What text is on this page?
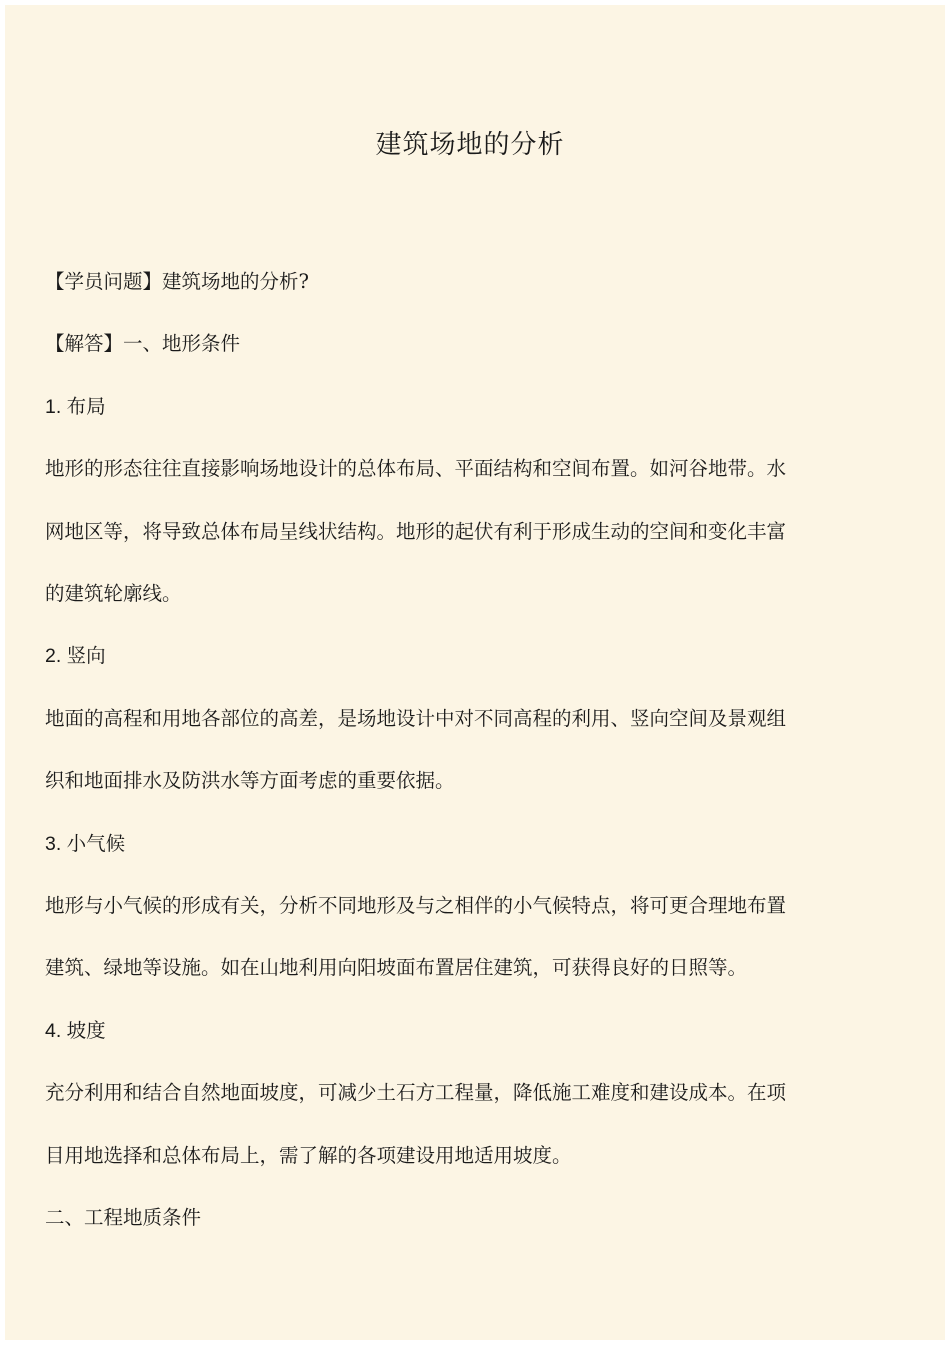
建筑场地的分析
【学员问题】建筑场地的分析?
【解答】一、地形条件
1. 布局
地形的形态往往直接影响场地设计的总体布局、平面结构和空间布置。如河谷地带。水
网地区等，将导致总体布局呈线状结构。地形的起伏有利于形成生动的空间和变化丰富
的建筑轮廓线。
2. 竖向
地面的高程和用地各部位的高差，是场地设计中对不同高程的利用、竖向空间及景观组
织和地面排水及防洪水等方面考虑的重要依据。
3. 小气候
地形与小气候的形成有关，分析不同地形及与之相伴的小气候特点，将可更合理地布置
建筑、绿地等设施。如在山地利用向阳坡面布置居住建筑，可获得良好的日照等。
4. 坡度
充分利用和结合自然地面坡度，可减少土石方工程量，降低施工难度和建设成本。在项
目用地选择和总体布局上，需了解的各项建设用地适用坡度。
二、工程地质条件
